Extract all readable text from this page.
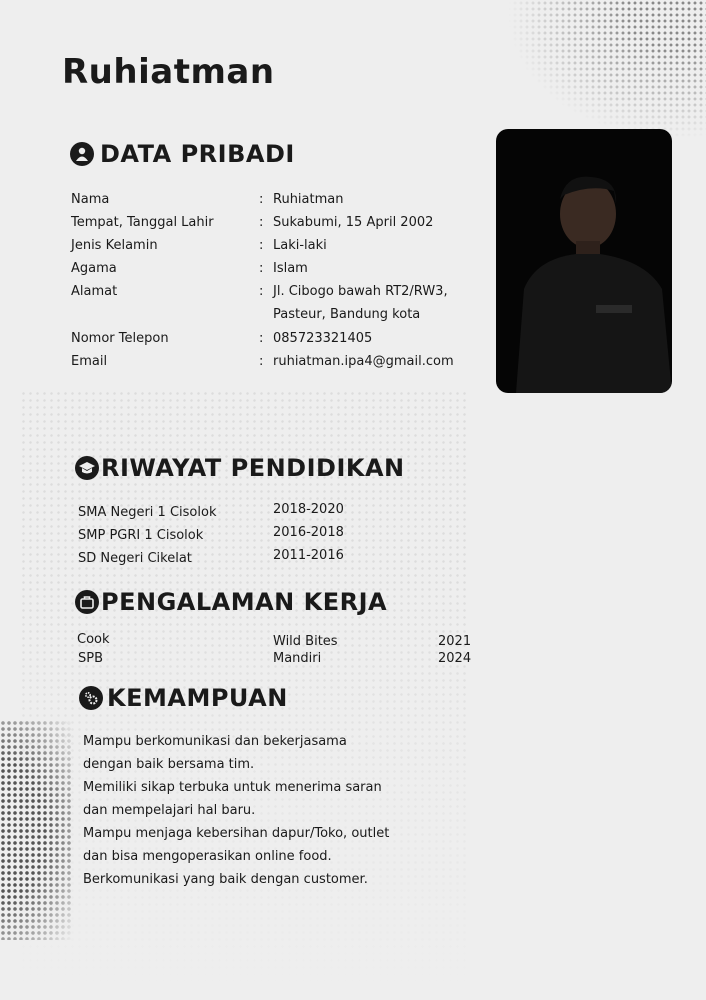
Ruhiatman
DATA PRIBADI
Nama	: Ruhiatman
Tempat, Tanggal Lahir	: Sukabumi, 15 April 2002
Jenis Kelamin	: Laki-laki
Agama	: Islam
Alamat	: Jl. Cibogo bawah RT2/RW3,
Pasteur, Bandung kota
Nomor Telepon	: 085723321405
Email	: ruhiatman.ipa4@gmail.com
RIWAYAT PENDIDIKAN
SMA Negeri 1 Cisolok	2018-2020
SMP PGRI 1 Cisolok	2016-2018
SD Negeri Cikelat	2011-2016
PENGALAMAN KERJA
Cook	Wild Bites	2021
SPB	Mandiri	2024
KEMAMPUAN
Mampu berkomunikasi dan bekerjasama
dengan baik bersama tim.
Memiliki sikap terbuka untuk menerima saran
dan mempelajari hal baru.
Mampu menjaga kebersihan dapur/Toko, outlet
dan bisa mengoperasikan online food.
Berkomunikasi yang baik dengan customer.
